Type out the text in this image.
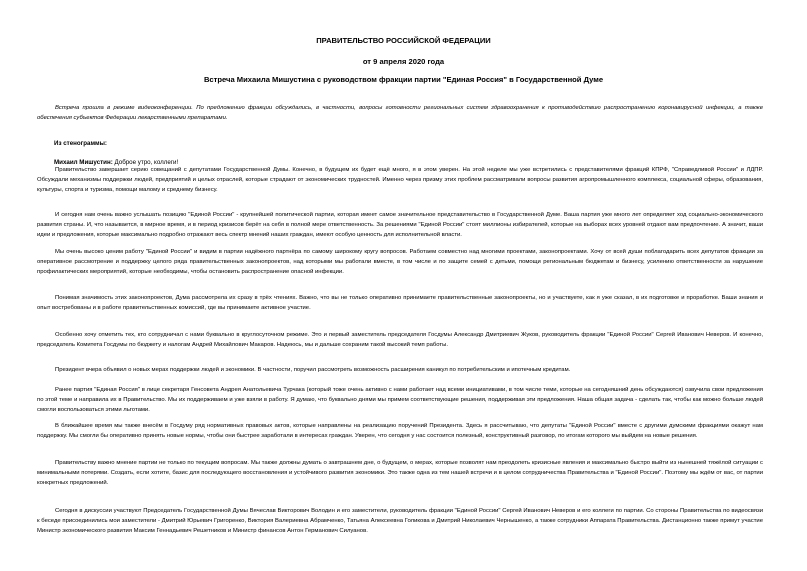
ПРАВИТЕЛЬСТВО РОССИЙСКОЙ ФЕДЕРАЦИИ
от 9 апреля 2020 года
Встреча Михаила Мишустина с руководством фракции партии "Единая Россия" в Государственной Думе
Встреча прошла в режиме видеоконференции. По предложению фракции обсуждались, в частности, вопросы готовности региональных систем здравоохранения к противодействию распространению коронавирусной инфекции, а также обеспечения субъектов Федерации лекарственными препаратами.
Из стенограммы:
Михаил Мишустин: Доброе утро, коллеги!
Правительство завершает серию совещаний с депутатами Государственной Думы. Конечно, в будущем их будет ещё много, я в этом уверен. На этой неделе мы уже встретились с представителями фракций КПРФ, "Справедливой России" и ЛДПР. Обсуждали механизмы поддержки людей, предприятий и целых отраслей, которые страдают от экономических трудностей. Именно через призму этих проблем рассматривали вопросы развития агропромышленного комплекса, социальной сферы, образования, культуры, спорта и туризма, помощи малому и среднему бизнесу.
И сегодня нам очень важно услышать позицию "Единой России" - крупнейшей политической партии, которая имеет самое значительное представительство в Государственной Думе. Ваша партия уже много лет определяет ход социально-экономического развития страны. И, что называется, в мирное время, и в период кризисов берёт на себя в полной мере ответственность. За решениями "Единой России" стоят миллионы избирателей, которые на выборах всех уровней отдают вам предпочтение. А значит, ваши идеи и предложения, которые максимально подробно отражают весь спектр мнений наших граждан, имеют особую ценность для исполнительной власти.
Мы очень высоко ценим работу "Единой России" и видим в партии надёжного партнёра по самому широкому кругу вопросов. Работаем совместно над многими проектами, законопроектами. Хочу от всей души поблагодарить всех депутатов фракции за оперативное рассмотрение и поддержку целого ряда правительственных законопроектов, над которыми мы работали вместе, в том числе и по защите семей с детьми, помощи региональным бюджетам и бизнесу, усилению ответственности за нарушение профилактических мероприятий, которые необходимы, чтобы остановить распространение опасной инфекции.
Понимая значимость этих законопроектов, Дума рассмотрела их сразу в трёх чтениях. Важно, что вы не только оперативно принимаете правительственные законопроекты, но и участвуете, как я уже сказал, в их подготовке и проработке. Ваши знания и опыт востребованы и в работе правительственных комиссий, где вы принимаете активное участие.
Особенно хочу отметить тех, кто сотрудничал с нами буквально в круглосуточном режиме. Это и первый заместитель председателя Госдумы Александр Дмитриевич Жуков, руководитель фракции "Единой России" Сергей Иванович Неверов. И конечно, председатель Комитета Госдумы по бюджету и налогам Андрей Михайлович Макаров. Надеюсь, мы и дальше сохраним такой высокий темп работы.
Президент вчера объявил о новых мерах поддержки людей и экономики. В частности, поручил рассмотреть возможность расширения каникул по потребительским и ипотечным кредитам.
Ранее партия "Единая Россия" в лице секретаря Генсовета Андрея Анатольевича Турчака (который тоже очень активно с нами работает над всеми инициативами, в том числе теми, которые на сегодняшний день обсуждаются) озвучила свои предложения по этой теме и направила их в Правительство. Мы их поддерживаем и уже взяли в работу. Я думаю, что буквально днями мы примем соответствующие решения, поддерживая эти предложения. Наша общая задача - сделать так, чтобы как можно больше людей смогли воспользоваться этими льготами.
В ближайшее время мы также внесём в Госдуму ряд нормативных правовых актов, которые направлены на реализацию поручений Президента. Здесь я рассчитываю, что депутаты "Единой России" вместе с другими думскими фракциями окажут нам поддержку. Мы смогли бы оперативно принять новые нормы, чтобы они быстрее заработали в интересах граждан. Уверен, что сегодня у нас состоится полезный, конструктивный разговор, по итогам которого мы выйдем на новые решения.
Правительству важно мнение партии не только по текущим вопросам. Мы также должны думать о завтрашнем дне, о будущем, о мерах, которые позволят нам преодолеть кризисные явления и максимально быстро выйти из нынешней тяжёлой ситуации с минимальными потерями. Создать, если хотите, базис для последующего восстановления и устойчивого развития экономики. Это также одна из тем нашей встречи и в целом сотрудничества Правительства и "Единой России". Поэтому мы ждём от вас, от партии конкретных предложений.
Сегодня в дискуссии участвуют Председатель Государственной Думы Вячеслав Викторович Володин и его заместители, руководитель фракции "Единой России" Сергей Иванович Неверов и его коллеги по партии. Со стороны Правительства по видеосвязи к беседе присоединились мои заместители - Дмитрий Юрьевич Григоренко, Виктория Валериевна Абрамченко, Татьяна Алексеевна Голикова и Дмитрий Николаевич Чернышенко, а также сотрудники Аппарата Правительства. Дистанционно также примут участие Министр экономического развития Максим Геннадьевич Решетников и Министр финансов Антон Германович Силуанов.
